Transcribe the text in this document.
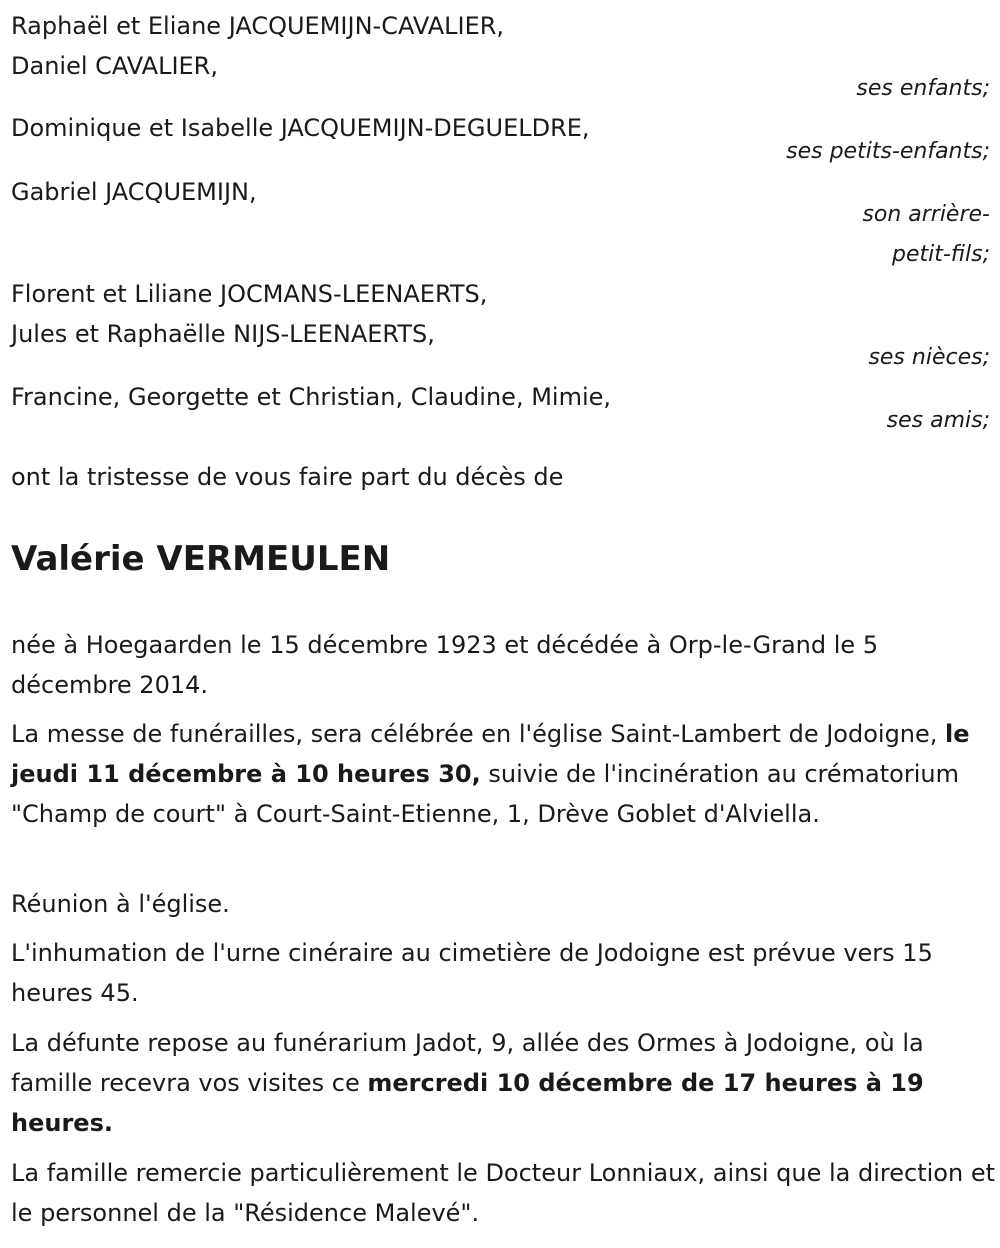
Raphaël et Eliane JACQUEMIJN-CAVALIER,
Daniel CAVALIER,
ses enfants;
Dominique et Isabelle JACQUEMIJN-DEGUELDRE,
ses petits-enfants;
Gabriel JACQUEMIJN,
son arrière-
petit-fils;
Florent et Liliane JOCMANS-LEENAERTS,
Jules et Raphaëlle NIJS-LEENAERTS,
ses nièces;
Francine, Georgette et Christian, Claudine, Mimie,
ses amis;
ont la tristesse de vous faire part du décès de
Valérie VERMEULEN

née à Hoegaarden le 15 décembre 1923 et décédée à Orp-le-Grand le 5 décembre 2014.

La messe de funérailles, sera célébrée en l'église Saint-Lambert de Jodoigne, le jeudi 11 décembre à 10 heures 30, suivie de l'incinération au crématorium "Champ de court" à Court-Saint-Etienne, 1, Drève Goblet d'Alviella.

Réunion à l'église.

L'inhumation de l'urne cinéraire au cimetière de Jodoigne est prévue vers 15 heures 45.

La défunte repose au funérarium Jadot, 9, allée des Ormes à Jodoigne, où la famille recevra vos visites ce mercredi 10 décembre de 17 heures à 19 heures.

La famille remercie particulièrement le Docteur Lonniaux, ainsi que la direction et le personnel de la "Résidence Malevé".
